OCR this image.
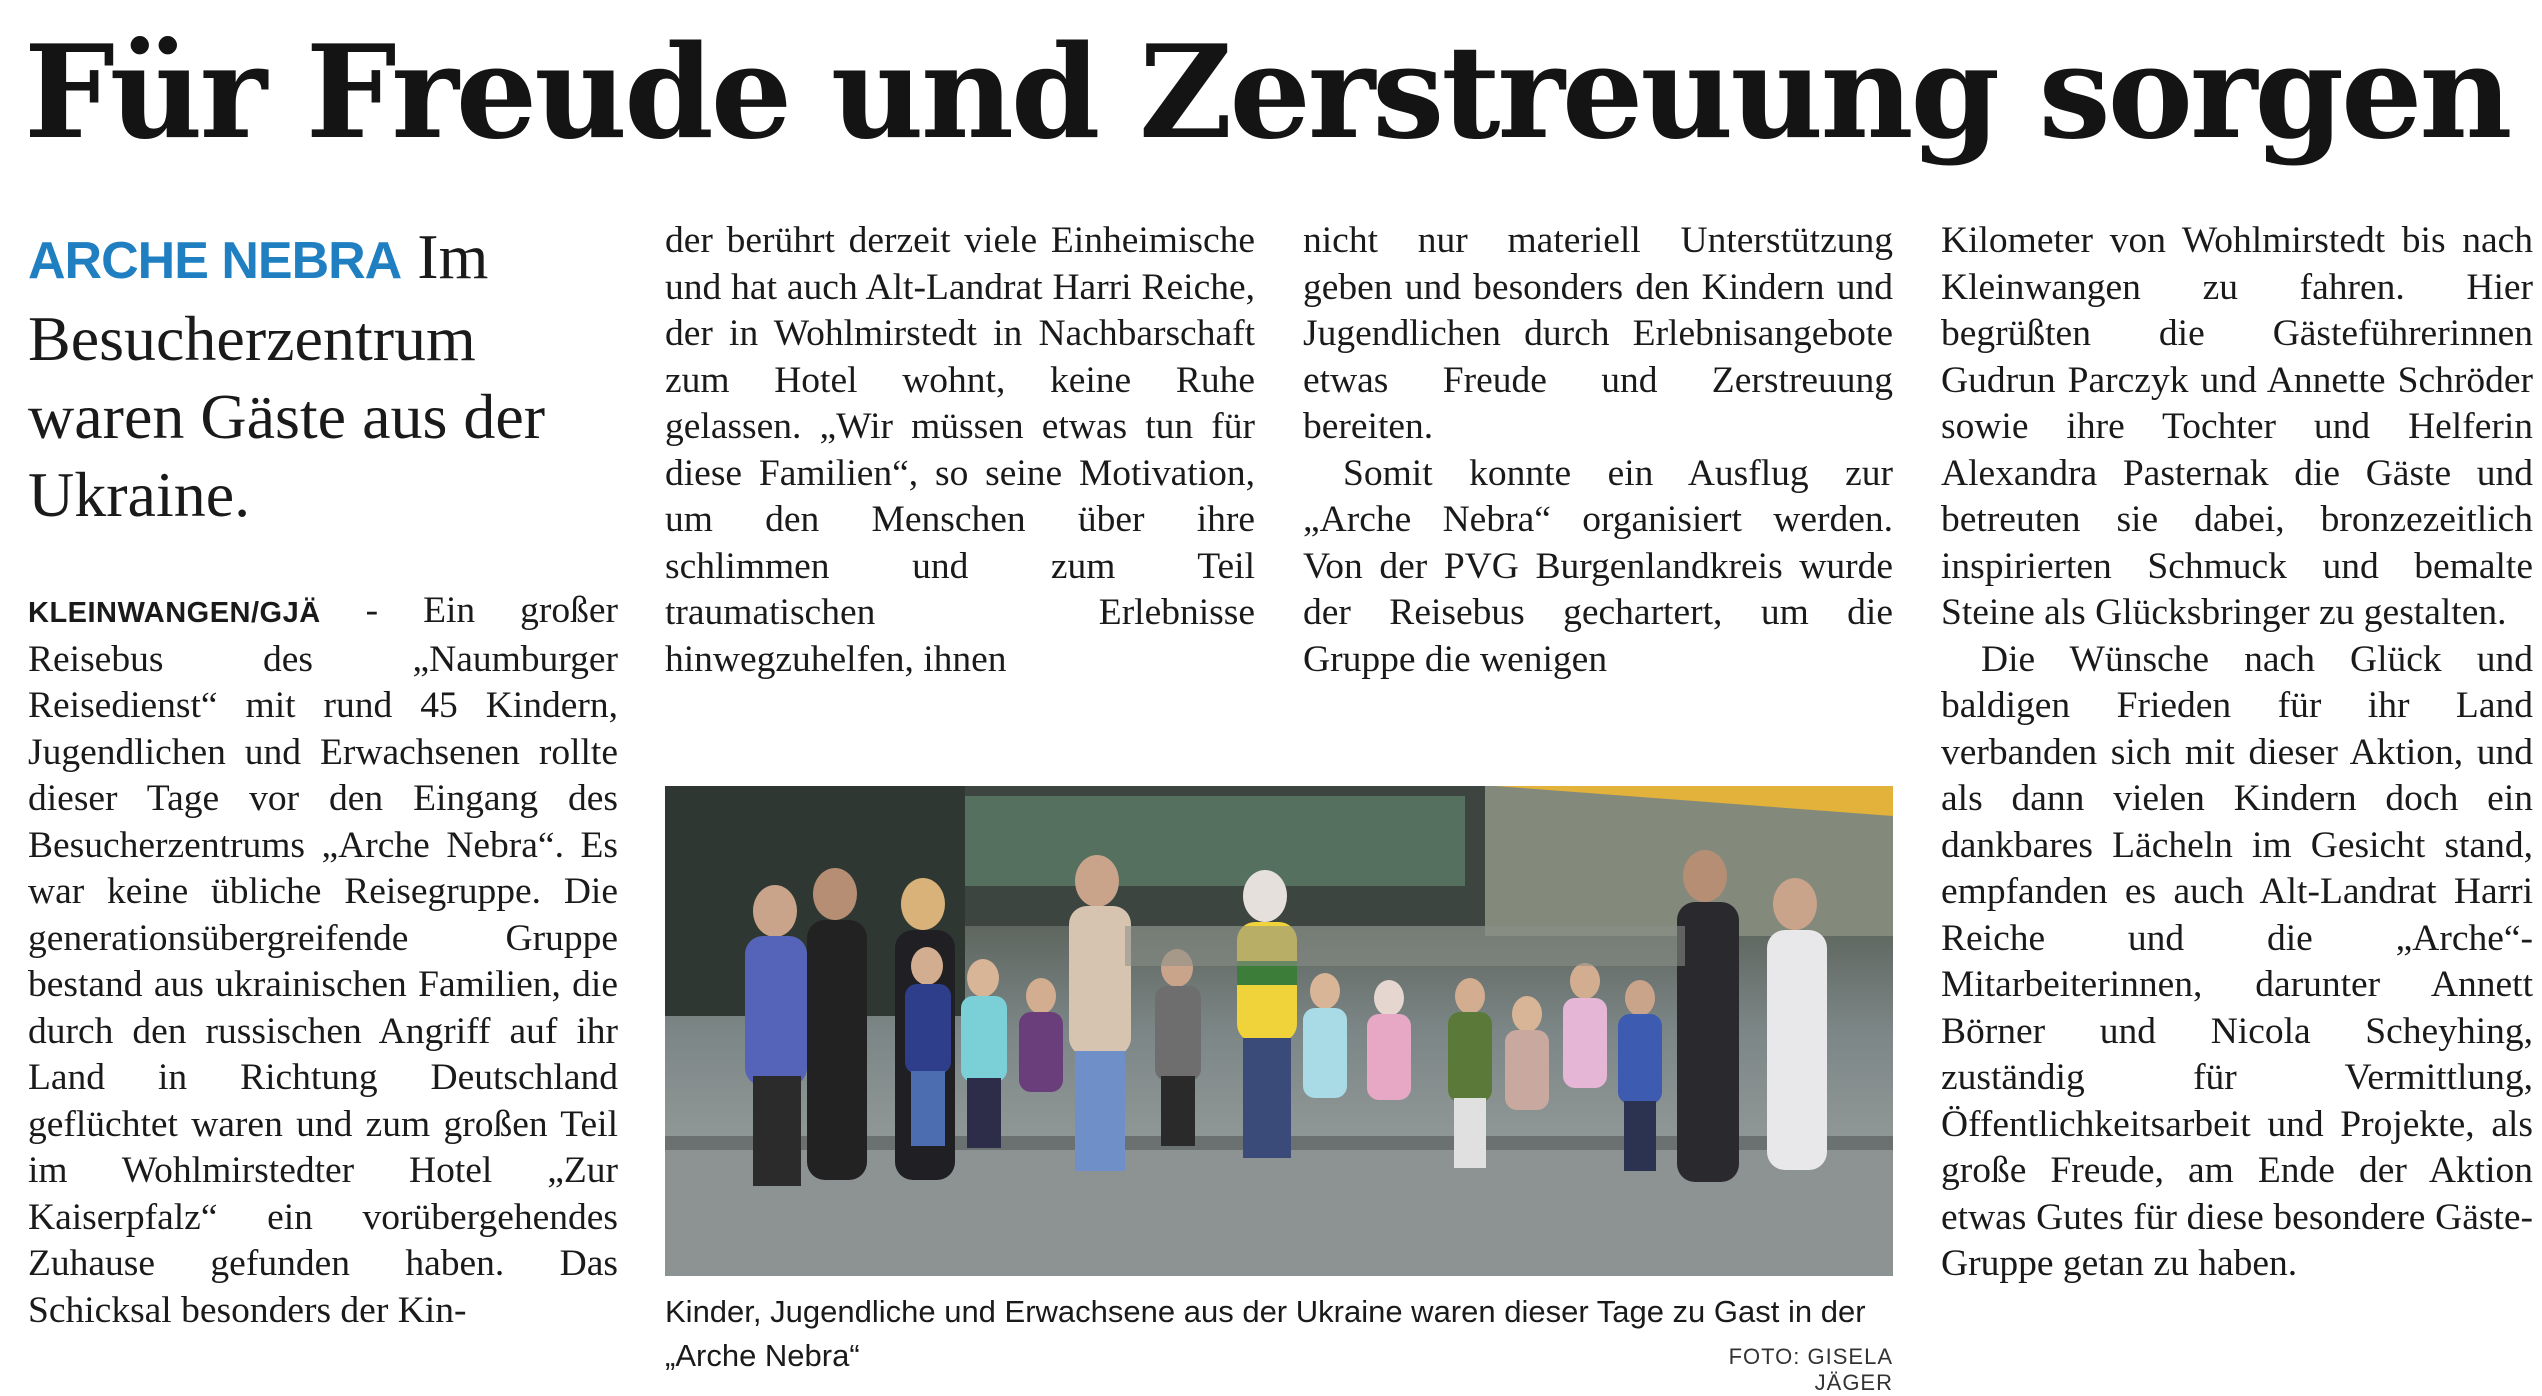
Für Freude und Zerstreuung sorgen
ARCHE NEBRA Im Besucherzentrum waren Gäste aus der Ukraine.

KLEINWANGEN/GJÄ - Ein großer Reisebus des „Naumburger Reisedienst“ mit rund 45 Kindern, Jugendlichen und Erwachsenen rollte dieser Tage vor den Eingang des Besucherzentrums „Arche Nebra“. Es war keine übliche Reisegruppe. Die generationsübergreifende Gruppe bestand aus ukrainischen Familien, die durch den russischen Angriff auf ihr Land in Richtung Deutschland geflüchtet waren und zum großen Teil im Wohlmirstedter Hotel „Zur Kaiserpfalz“ ein vorübergehendes Zuhause gefunden haben. Das Schicksal besonders der Kin-

der berührt derzeit viele Einheimische und hat auch Alt-Landrat Harri Reiche, der in Wohlmirstedt in Nachbarschaft zum Hotel wohnt, keine Ruhe gelassen. „Wir müssen etwas tun für diese Familien“, so seine Motivation, um den Menschen über ihre schlimmen und zum Teil traumatischen Erlebnisse hinwegzuhelfen, ihnen

nicht nur materiell Unterstützung geben und besonders den Kindern und Jugendlichen durch Erlebnisangebote etwas Freude und Zerstreuung bereiten.

Somit konnte ein Ausflug zur „Arche Nebra“ organisiert werden. Von der PVG Burgenlandkreis wurde der Reisebus gechartert, um die Gruppe die wenigen

Kilometer von Wohlmirstedt bis nach Kleinwangen zu fahren. Hier begrüßten die Gästeführerinnen Gudrun Parczyk und Annette Schröder sowie ihre Tochter und Helferin Alexandra Pasternak die Gäste und betreuten sie dabei, bronzezeitlich inspirierten Schmuck und bemalte Steine als Glücksbringer zu gestalten.

Die Wünsche nach Glück und baldigen Frieden für ihr Land verbanden sich mit dieser Aktion, und als dann vielen Kindern doch ein dankbares Lächeln im Gesicht stand, empfanden es auch Alt-Landrat Harri Reiche und die „Arche“-Mitarbeiterinnen, darunter Annett Börner und Nicola Scheyhing, zuständig für Vermittlung, Öffentlichkeitsarbeit und Projekte, als große Freude, am Ende der Aktion etwas Gutes für diese besondere Gäste-Gruppe getan zu haben.

Kinder, Jugendliche und Erwachsene aus der Ukraine waren dieser Tage zu Gast in der „Arche Nebra“	FOTO: GISELA JÄGER
